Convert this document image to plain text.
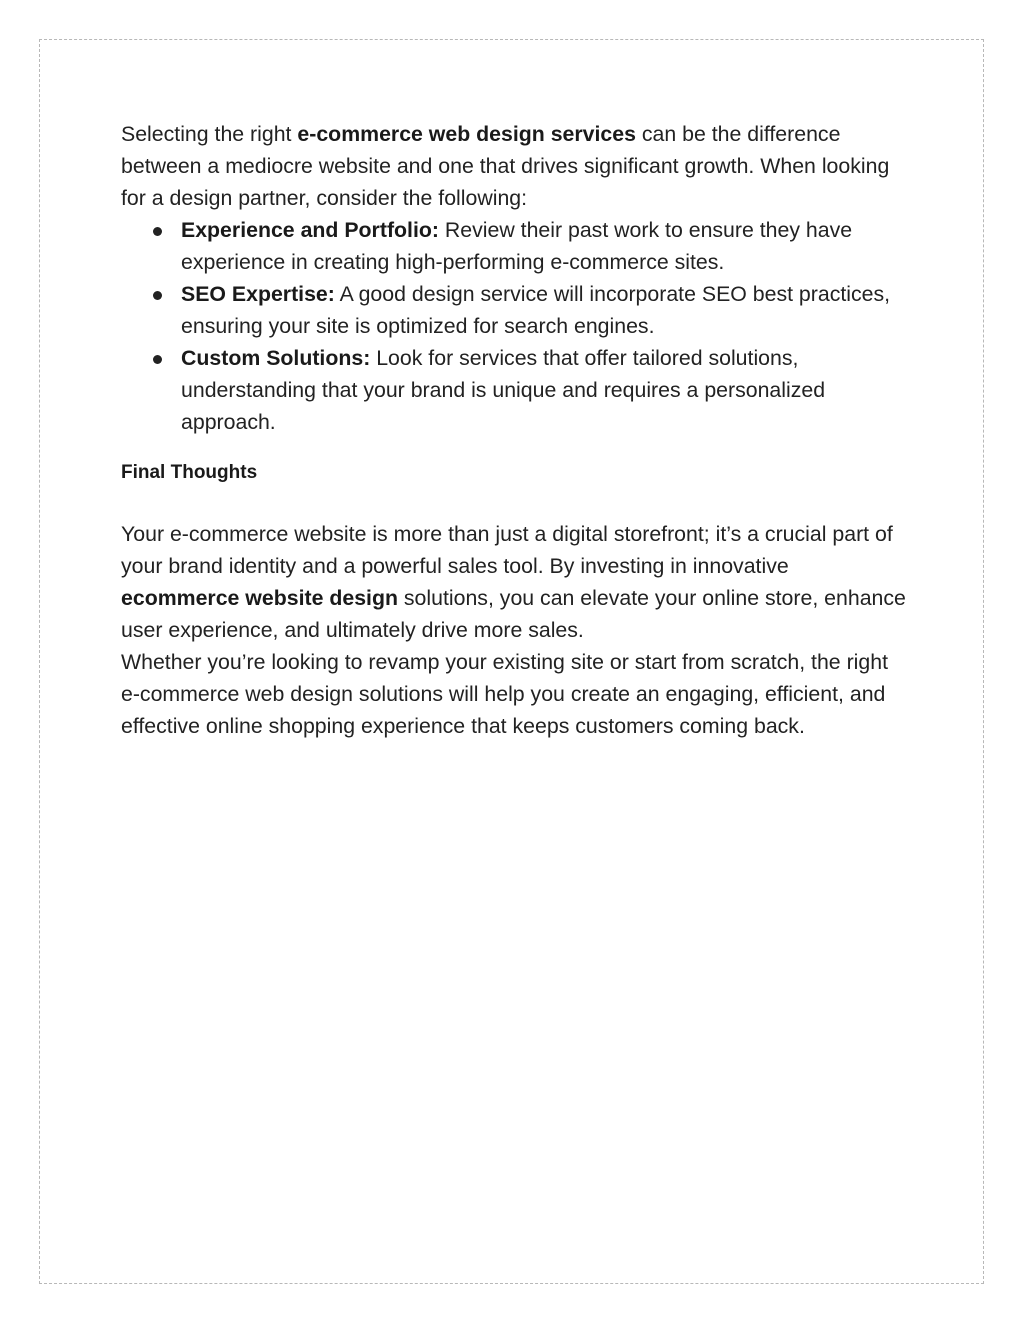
Selecting the right e-commerce web design services can be the difference between a mediocre website and one that drives significant growth. When looking for a design partner, consider the following:

Experience and Portfolio: Review their past work to ensure they have experience in creating high-performing e-commerce sites.
SEO Expertise: A good design service will incorporate SEO best practices, ensuring your site is optimized for search engines.
Custom Solutions: Look for services that offer tailored solutions, understanding that your brand is unique and requires a personalized approach.
Final Thoughts

Your e-commerce website is more than just a digital storefront; it’s a crucial part of your brand identity and a powerful sales tool. By investing in innovative ecommerce website design solutions, you can elevate your online store, enhance user experience, and ultimately drive more sales.

Whether you’re looking to revamp your existing site or start from scratch, the right e-commerce web design solutions will help you create an engaging, efficient, and effective online shopping experience that keeps customers coming back.
